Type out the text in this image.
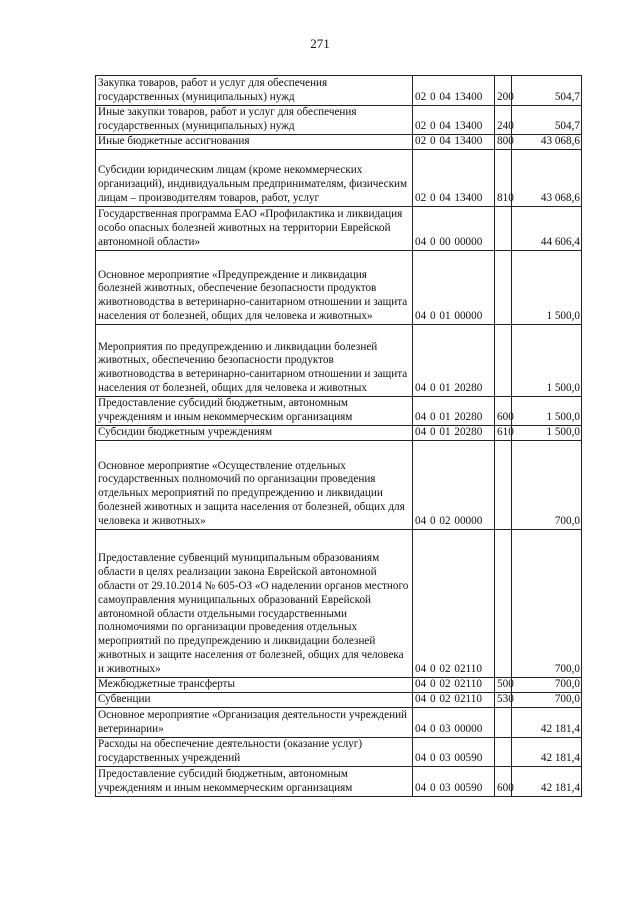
271
Закупка товаров, работ и услуг для обеспечения государственных (муниципальных) нужд	02 0 04 13400	200	504,7
Иные закупки товаров, работ и услуг для обеспечения государственных (муниципальных) нужд	02 0 04 13400	240	504,7
Иные бюджетные ассигнования	02 0 04 13400	800	43 068,6
Субсидии юридическим лицам (кроме некоммерческих организаций), индивидуальным предпринимателям, физическим лицам – производителям товаров, работ, услуг	02 0 04 13400	810	43 068,6
Государственная программа ЕАО «Профилактика и ликвидация особо опасных болезней животных на территории Еврейской автономной области»	04 0 00 00000		44 606,4
Основное мероприятие «Предупреждение и ликвидация болезней животных, обеспечение безопасности продуктов животноводства в ветеринарно-санитарном отношении и защита населения от болезней, общих для человека и животных»	04 0 01 00000		1 500,0
Мероприятия по предупреждению и ликвидации болезней животных, обеспечению безопасности продуктов животноводства в ветеринарно-санитарном отношении и защита населения от болезней, общих для человека и животных	04 0 01 20280		1 500,0
Предоставление субсидий бюджетным, автономным учреждениям и иным некоммерческим организациям	04 0 01 20280	600	1 500,0
Субсидии бюджетным учреждениям	04 0 01 20280	610	1 500,0
Основное мероприятие «Осуществление отдельных государственных полномочий по организации проведения отдельных мероприятий по предупреждению и ликвидации болезней животных и защита населения от болезней, общих для человека и животных»	04 0 02 00000		700,0
Предоставление субвенций муниципальным образованиям области в целях реализации закона Еврейской автономной области от 29.10.2014 № 605-ОЗ «О наделении органов местного самоуправления муниципальных образований Еврейской автономной области отдельными государственными полномочиями по организации проведения отдельных мероприятий по предупреждению и ликвидации болезней животных и защите населения от болезней, общих для человека и животных»	04 0 02 02110		700,0
Межбюджетные трансферты	04 0 02 02110	500	700,0
Субвенции	04 0 02 02110	530	700,0
Основное мероприятие «Организация деятельности учреждений ветеринарии»	04 0 03 00000		42 181,4
Расходы на обеспечение деятельности (оказание услуг) государственных учреждений	04 0 03 00590		42 181,4
Предоставление субсидий бюджетным, автономным учреждениям и иным некоммерческим организациям	04 0 03 00590	600	42 181,4
